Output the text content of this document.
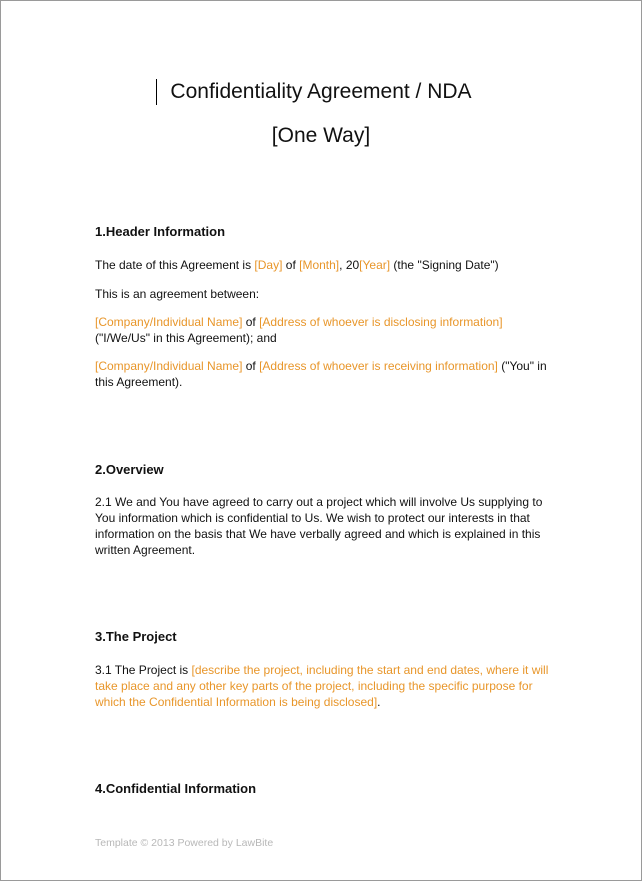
Confidentiality Agreement / NDA
[One Way]
1.Header Information
The date of this Agreement is [Day] of [Month], 20[Year] (the "Signing Date")
This is an agreement between:
[Company/Individual Name] of [Address of whoever is disclosing information]
("I/We/Us" in this Agreement); and
[Company/Individual Name] of [Address of whoever is receiving information] ("You" in this Agreement).
2.Overview
2.1 We and You have agreed to carry out a project which will involve Us supplying to You information which is confidential to Us. We wish to protect our interests in that information on the basis that We have verbally agreed and which is explained in this written Agreement.
3.The Project
3.1 The Project is [describe the project, including the start and end dates, where it will take place and any other key parts of the project, including the specific purpose for which the Confidential Information is being disclosed].
4.Confidential Information
Template © 2013 Powered by LawBite
